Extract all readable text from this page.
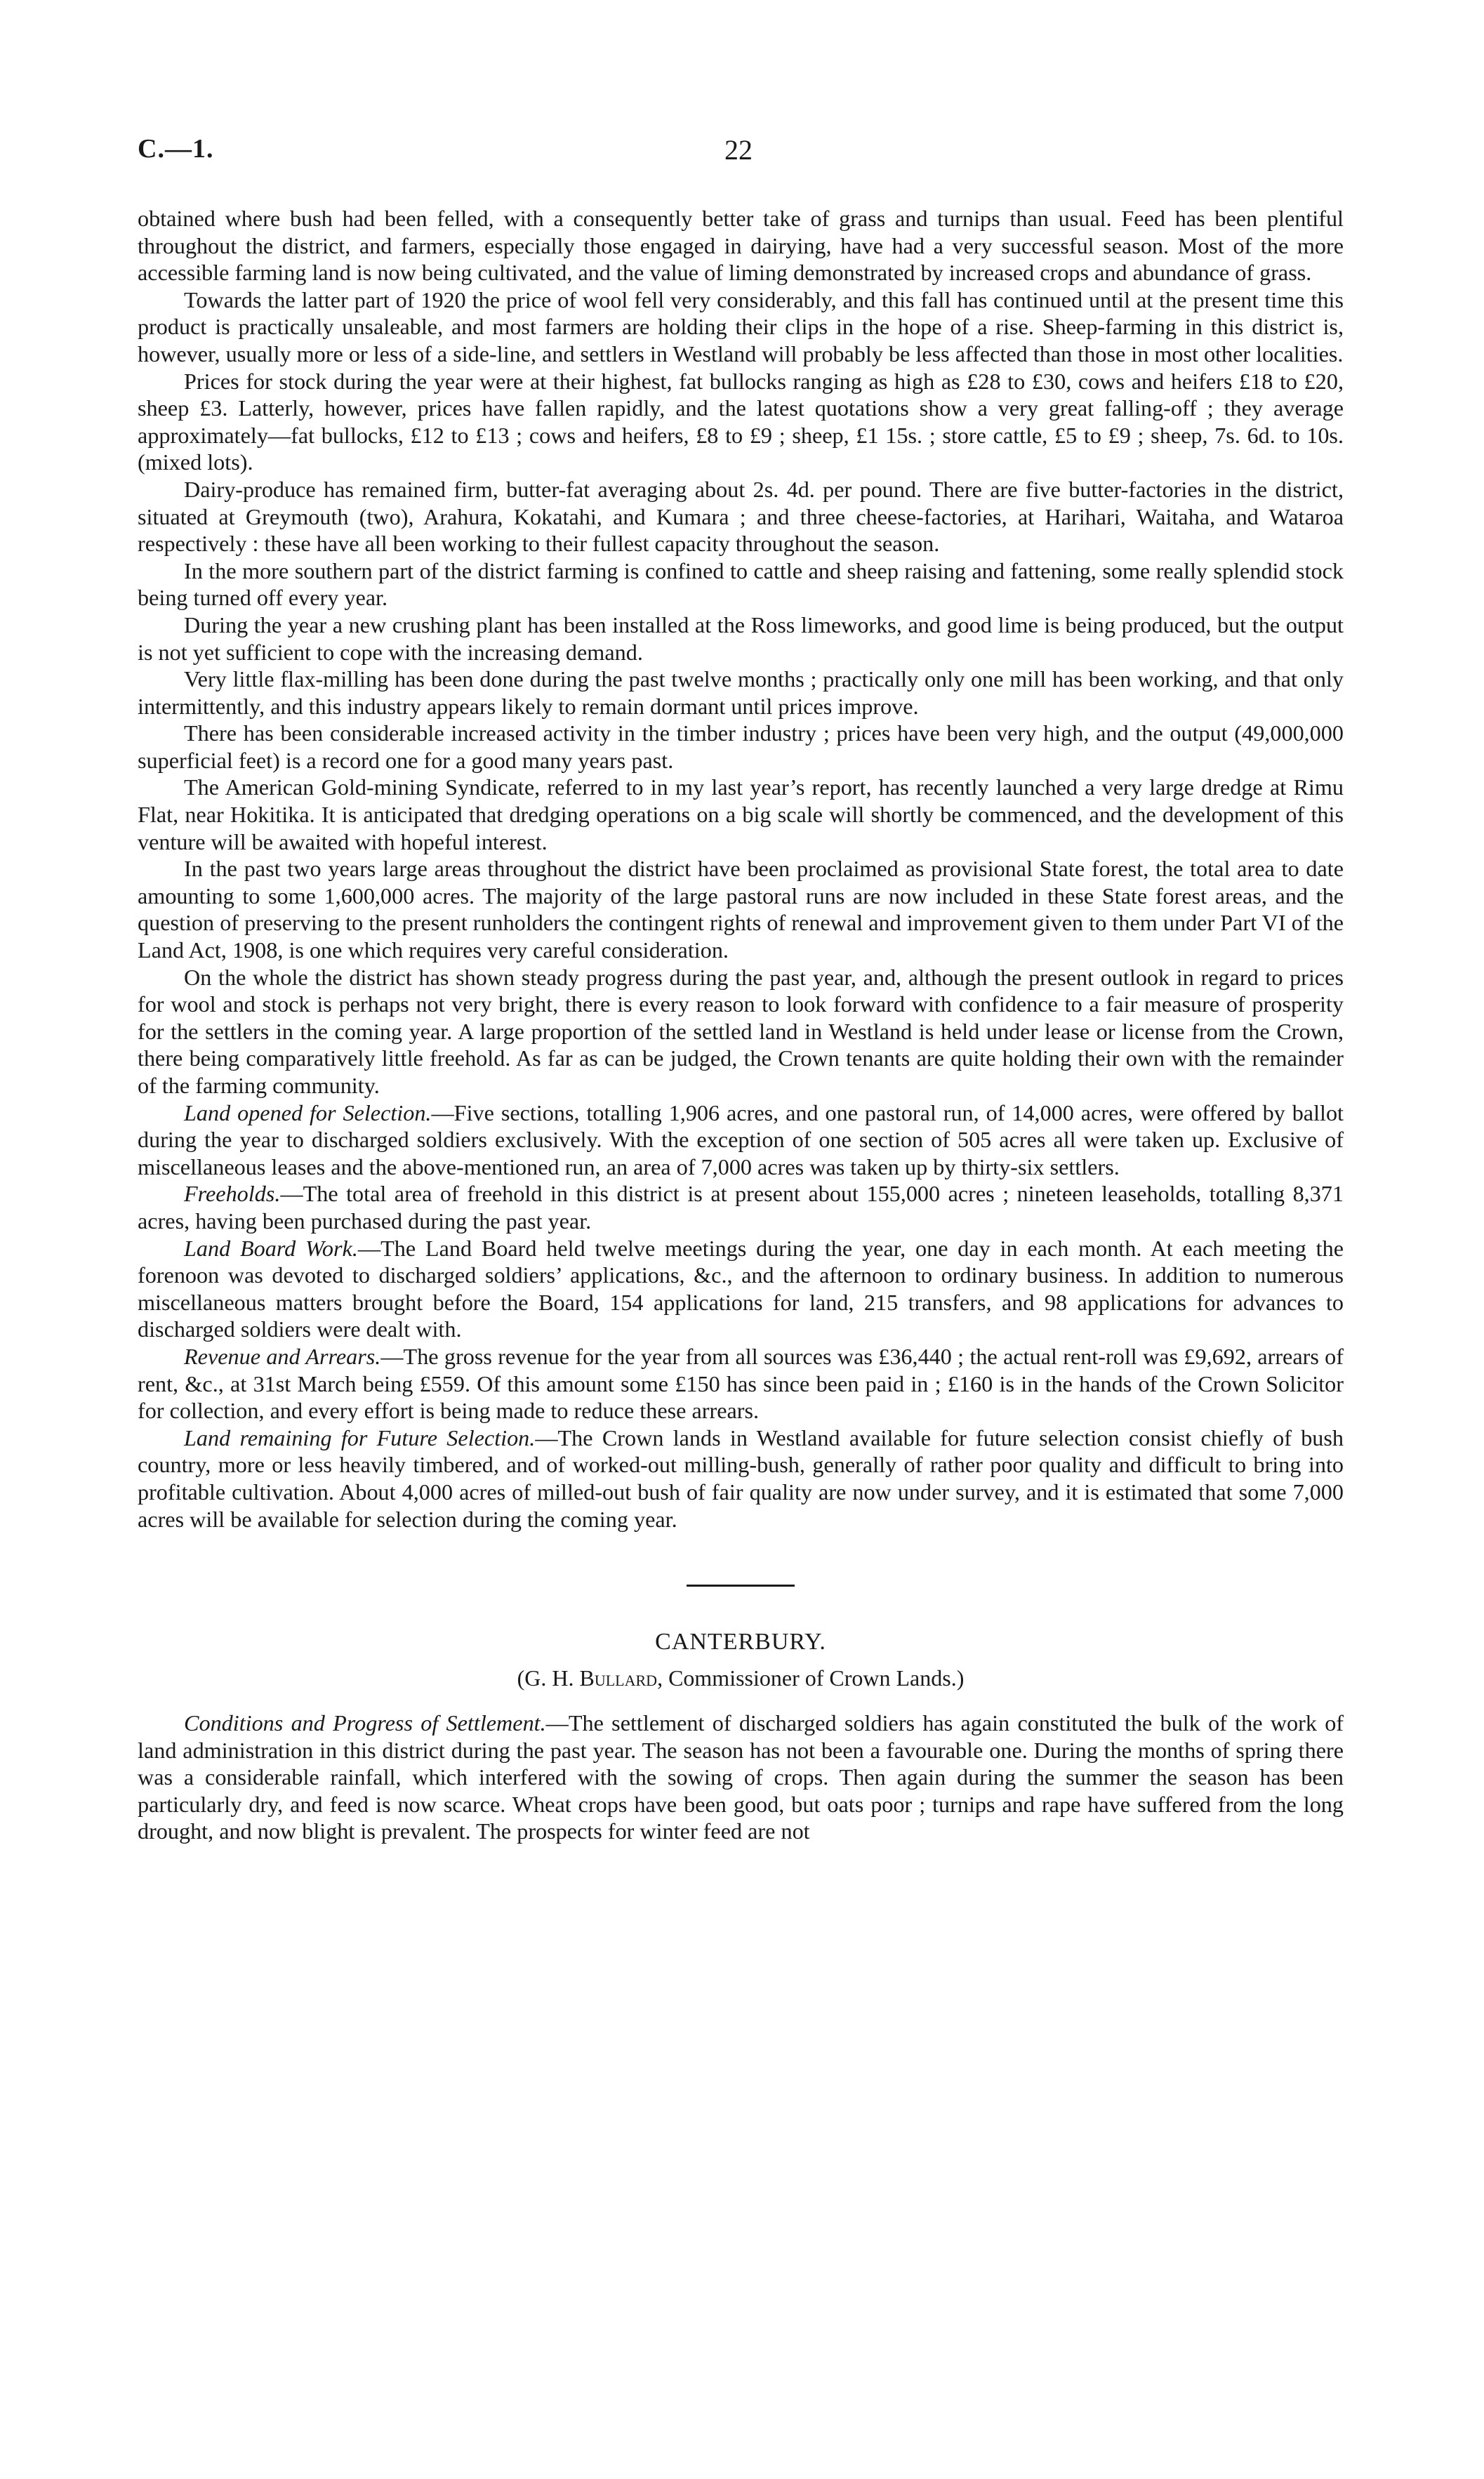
C.—1.	22

obtained where bush had been felled, with a consequently better take of grass and turnips than usual. Feed has been plentiful throughout the district, and farmers, especially those engaged in dairying, have had a very successful season. Most of the more accessible farming land is now being cultivated, and the value of liming demonstrated by increased crops and abundance of grass.

Towards the latter part of 1920 the price of wool fell very considerably, and this fall has continued until at the present time this product is practically unsaleable, and most farmers are holding their clips in the hope of a rise. Sheep-farming in this district is, however, usually more or less of a side-line, and settlers in Westland will probably be less affected than those in most other localities.

Prices for stock during the year were at their highest, fat bullocks ranging as high as £28 to £30, cows and heifers £18 to £20, sheep £3. Latterly, however, prices have fallen rapidly, and the latest quotations show a very great falling-off ; they average approximately—fat bullocks, £12 to £13 ; cows and heifers, £8 to £9 ; sheep, £1 15s. ; store cattle, £5 to £9 ; sheep, 7s. 6d. to 10s. (mixed lots).

Dairy-produce has remained firm, butter-fat averaging about 2s. 4d. per pound. There are five butter-factories in the district, situated at Greymouth (two), Arahura, Kokatahi, and Kumara ; and three cheese-factories, at Harihari, Waitaha, and Wataroa respectively : these have all been working to their fullest capacity throughout the season.

In the more southern part of the district farming is confined to cattle and sheep raising and fattening, some really splendid stock being turned off every year.

During the year a new crushing plant has been installed at the Ross limeworks, and good lime is being produced, but the output is not yet sufficient to cope with the increasing demand.

Very little flax-milling has been done during the past twelve months ; practically only one mill has been working, and that only intermittently, and this industry appears likely to remain dormant until prices improve.

There has been considerable increased activity in the timber industry ; prices have been very high, and the output (49,000,000 superficial feet) is a record one for a good many years past.

The American Gold-mining Syndicate, referred to in my last year’s report, has recently launched a very large dredge at Rimu Flat, near Hokitika. It is anticipated that dredging operations on a big scale will shortly be commenced, and the development of this venture will be awaited with hopeful interest.

In the past two years large areas throughout the district have been proclaimed as provisional State forest, the total area to date amounting to some 1,600,000 acres. The majority of the large pastoral runs are now included in these State forest areas, and the question of preserving to the present runholders the contingent rights of renewal and improvement given to them under Part VI of the Land Act, 1908, is one which requires very careful consideration.

On the whole the district has shown steady progress during the past year, and, although the present outlook in regard to prices for wool and stock is perhaps not very bright, there is every reason to look forward with confidence to a fair measure of prosperity for the settlers in the coming year. A large proportion of the settled land in Westland is held under lease or license from the Crown, there being comparatively little freehold. As far as can be judged, the Crown tenants are quite holding their own with the remainder of the farming community.

Land opened for Selection.—Five sections, totalling 1,906 acres, and one pastoral run, of 14,000 acres, were offered by ballot during the year to discharged soldiers exclusively. With the exception of one section of 505 acres all were taken up. Exclusive of miscellaneous leases and the above-mentioned run, an area of 7,000 acres was taken up by thirty-six settlers.

Freeholds.—The total area of freehold in this district is at present about 155,000 acres ; nineteen leaseholds, totalling 8,371 acres, having been purchased during the past year.

Land Board Work.—The Land Board held twelve meetings during the year, one day in each month. At each meeting the forenoon was devoted to discharged soldiers’ applications, &c., and the afternoon to ordinary business. In addition to numerous miscellaneous matters brought before the Board, 154 applications for land, 215 transfers, and 98 applications for advances to discharged soldiers were dealt with.

Revenue and Arrears.—The gross revenue for the year from all sources was £36,440 ; the actual rent-roll was £9,692, arrears of rent, &c., at 31st March being £559. Of this amount some £150 has since been paid in ; £160 is in the hands of the Crown Solicitor for collection, and every effort is being made to reduce these arrears.

Land remaining for Future Selection.—The Crown lands in Westland available for future selection consist chiefly of bush country, more or less heavily timbered, and of worked-out milling-bush, generally of rather poor quality and difficult to bring into profitable cultivation. About 4,000 acres of milled-out bush of fair quality are now under survey, and it is estimated that some 7,000 acres will be available for selection during the coming year.

CANTERBURY.
(G. H. Bullard, Commissioner of Crown Lands.)

Conditions and Progress of Settlement.—The settlement of discharged soldiers has again constituted the bulk of the work of land administration in this district during the past year. The season has not been a favourable one. During the months of spring there was a considerable rainfall, which interfered with the sowing of crops. Then again during the summer the season has been particularly dry, and feed is now scarce. Wheat crops have been good, but oats poor ; turnips and rape have suffered from the long drought, and now blight is prevalent. The prospects for winter feed are not
